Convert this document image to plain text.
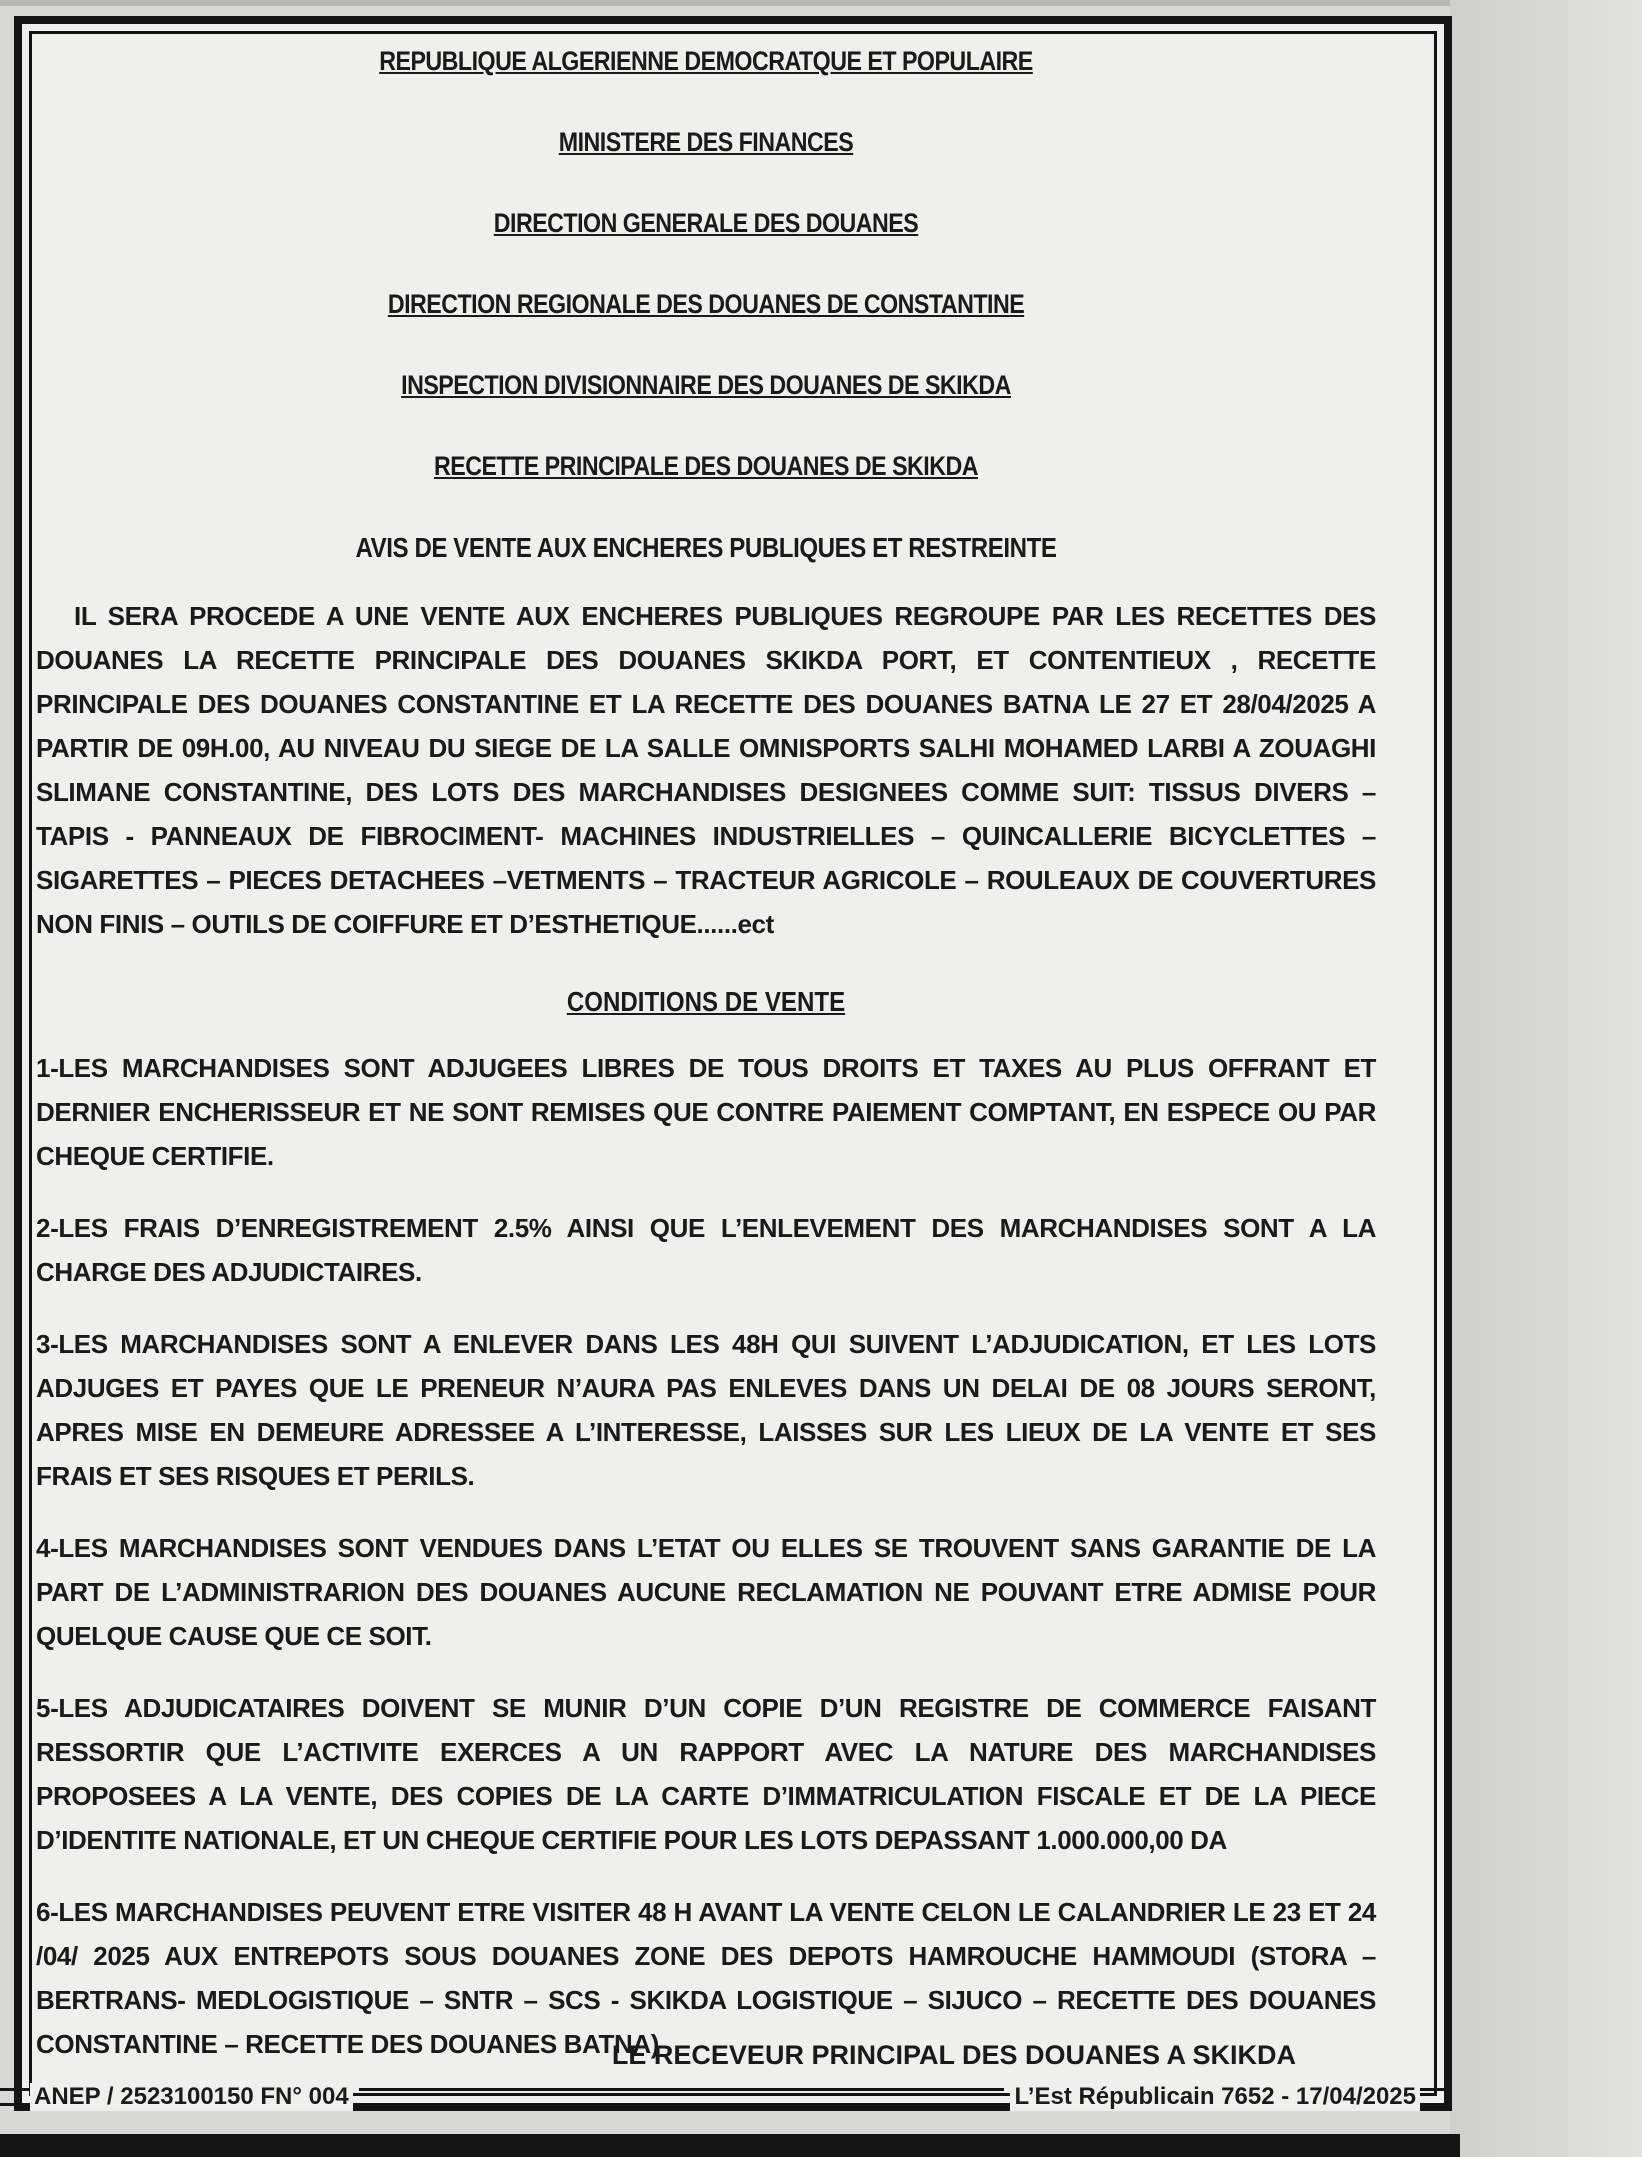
REPUBLIQUE ALGERIENNE DEMOCRATQUE ET POPULAIRE

MINISTERE DES FINANCES

DIRECTION GENERALE DES DOUANES

DIRECTION REGIONALE DES DOUANES DE CONSTANTINE

INSPECTION DIVISIONNAIRE DES DOUANES DE SKIKDA

RECETTE PRINCIPALE DES DOUANES DE SKIKDA

AVIS DE VENTE AUX ENCHERES PUBLIQUES ET RESTREINTE
IL SERA PROCEDE A UNE VENTE AUX ENCHERES PUBLIQUES REGROUPE PAR LES RECETTES DES DOUANES LA RECETTE PRINCIPALE DES DOUANES SKIKDA PORT, ET CONTENTIEUX , RECETTE PRINCIPALE DES DOUANES CONSTANTINE ET LA RECETTE DES DOUANES BATNA LE 27 ET 28/04/2025 A PARTIR DE 09H.00, AU NIVEAU DU SIEGE DE LA SALLE OMNISPORTS SALHI MOHAMED LARBI A ZOUAGHI SLIMANE CONSTANTINE, DES LOTS DES MARCHANDISES DESIGNEES COMME SUIT: TISSUS DIVERS – TAPIS - PANNEAUX DE FIBROCIMENT- MACHINES INDUSTRIELLES – QUINCALLERIE BICYCLETTES –SIGARETTES – PIECES DETACHEES –VETMENTS – TRACTEUR AGRICOLE – ROULEAUX DE COUVERTURES NON FINIS – OUTILS DE COIFFURE ET D’ESTHETIQUE......ect
CONDITIONS DE VENTE
1-LES MARCHANDISES SONT ADJUGEES LIBRES DE TOUS DROITS ET TAXES AU PLUS OFFRANT ET DERNIER ENCHERISSEUR ET NE SONT REMISES QUE CONTRE PAIEMENT COMPTANT, EN ESPECE OU PAR CHEQUE CERTIFIE.
2-LES FRAIS D’ENREGISTREMENT 2.5% AINSI QUE L’ENLEVEMENT DES MARCHANDISES SONT A LA CHARGE DES ADJUDICTAIRES.
3-LES MARCHANDISES SONT A ENLEVER DANS LES 48H QUI SUIVENT L’ADJUDICATION, ET LES LOTS ADJUGES ET PAYES QUE LE PRENEUR N’AURA PAS ENLEVES DANS UN DELAI DE 08 JOURS SERONT, APRES MISE EN DEMEURE ADRESSEE A L’INTERESSE, LAISSES SUR LES LIEUX DE LA VENTE ET SES FRAIS ET SES RISQUES ET PERILS.
4-LES MARCHANDISES SONT VENDUES DANS L’ETAT OU ELLES SE TROUVENT SANS GARANTIE DE LA PART DE L’ADMINISTRARION DES DOUANES AUCUNE RECLAMATION NE POUVANT ETRE ADMISE POUR QUELQUE CAUSE QUE CE SOIT.
5-LES ADJUDICATAIRES DOIVENT SE MUNIR D’UN COPIE D’UN REGISTRE DE COMMERCE FAISANT RESSORTIR QUE L’ACTIVITE EXERCES A UN RAPPORT AVEC LA NATURE DES MARCHANDISES PROPOSEES A LA VENTE, DES COPIES DE LA CARTE D’IMMATRICULATION FISCALE ET DE LA PIECE D’IDENTITE NATIONALE, ET UN CHEQUE CERTIFIE POUR LES LOTS DEPASSANT 1.000.000,00 DA
6-LES MARCHANDISES PEUVENT ETRE VISITER 48 H AVANT LA VENTE CELON LE CALANDRIER LE 23 ET 24 /04/ 2025 AUX ENTREPOTS SOUS DOUANES ZONE DES DEPOTS HAMROUCHE HAMMOUDI (STORA – BERTRANS- MEDLOGISTIQUE – SNTR – SCS - SKIKDA LOGISTIQUE – SIJUCO – RECETTE DES DOUANES CONSTANTINE – RECETTE DES DOUANES BATNA) .
LE RECEVEUR PRINCIPAL DES DOUANES A SKIKDA
ANEP / 2523100150 FN° 004	L’Est Républicain 7652 - 17/04/2025
